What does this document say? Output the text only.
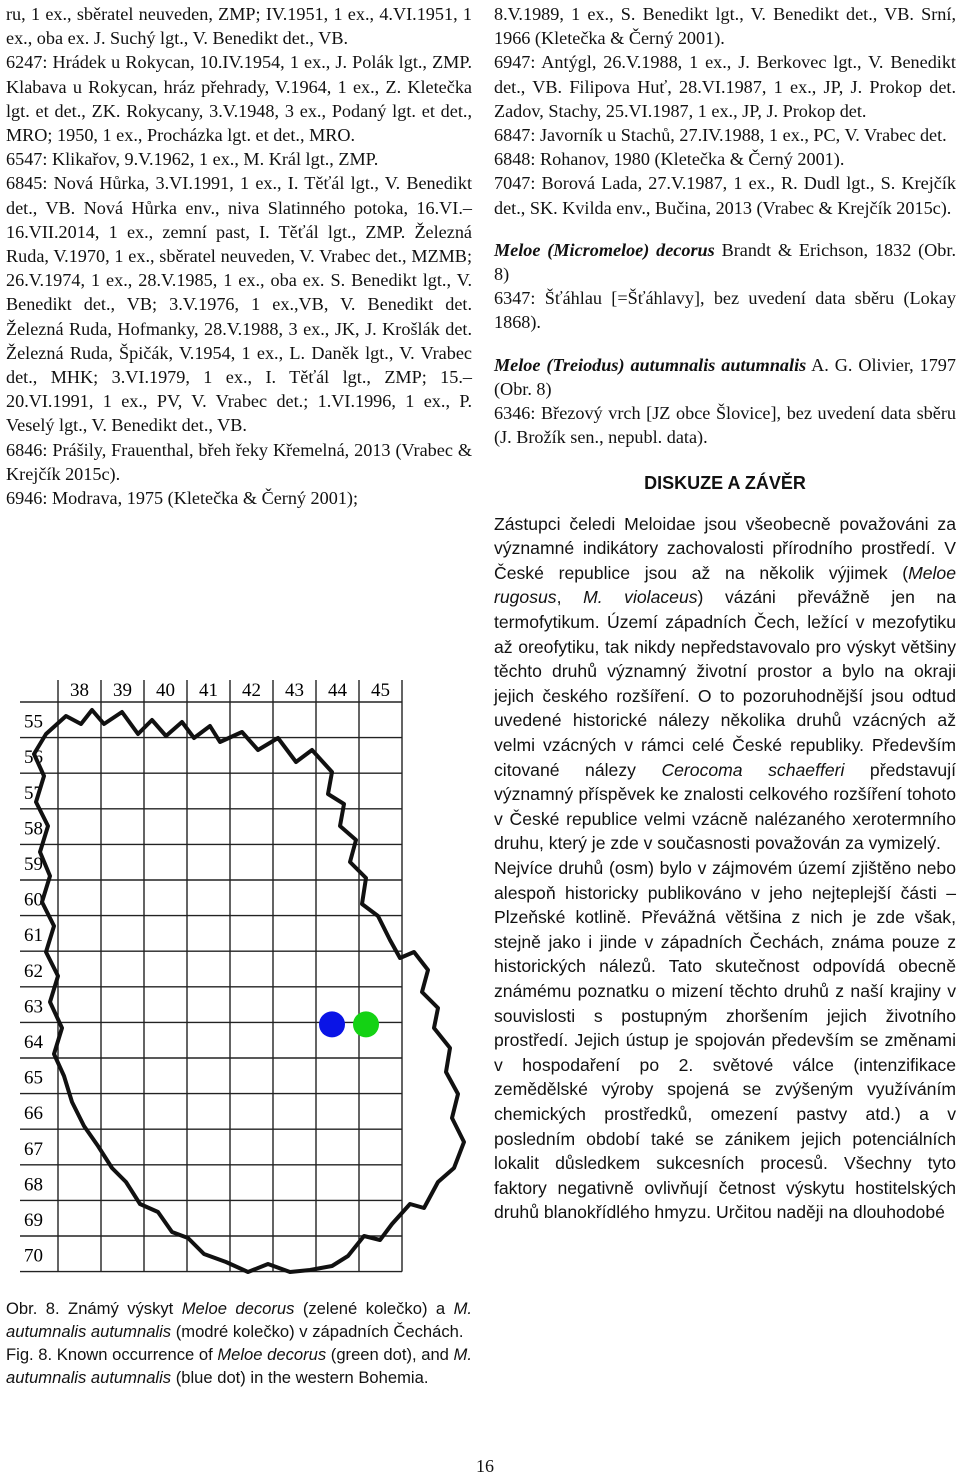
ru, 1 ex., sběratel neuveden, ZMP; IV.1951, 1 ex., 4.VI.1951, 1 ex., oba ex. J. Suchý lgt., V. Benedikt det., VB.
6247: Hrádek u Rokycan, 10.IV.1954, 1 ex., J. Polák lgt., ZMP. Klabava u Rokycan, hráz přehrady, V.1964, 1 ex., Z. Kletečka lgt. et det., ZK. Rokycany, 3.V.1948, 3 ex., Podaný lgt. et det., MRO; 1950, 1 ex., Procházka lgt. et det., MRO.
6547: Klikařov, 9.V.1962, 1 ex., M. Král lgt., ZMP.
6845: Nová Hůrka, 3.VI.1991, 1 ex., I. Těťál lgt., V. Benedikt det., VB. Nová Hůrka env., niva Slatinného potoka, 16.VI.–16.VII.2014, 1 ex., zemní past, I. Těťál lgt., ZMP. Železná Ruda, V.1970, 1 ex., sběratel neuveden, V. Vrabec det., MZMB; 26.V.1974, 1 ex., 28.V.1985, 1 ex., oba ex. S. Benedikt lgt., V. Benedikt det., VB; 3.V.1976, 1 ex.,VB, V. Benedikt det. Železná Ruda, Hofmanky, 28.V.1988, 3 ex., JK, J. Krošlák det. Železná Ruda, Špičák, V.1954, 1 ex., L. Daněk lgt., V. Vrabec det., MHK; 3.VI.1979, 1 ex., I. Těťál lgt., ZMP; 15.–20.VI.1991, 1 ex., PV, V. Vrabec det.; 1.VI.1996, 1 ex., P. Veselý lgt., V. Benedikt det., VB.
6846: Prášily, Frauenthal, břeh řeky Křemelná, 2013 (Vrabec & Krejčík 2015c).
6946: Modrava, 1975 (Kletečka & Černý 2001);
38 39 40 41 42 43 44 45
55
56
57
58
59
60
61
62
63
64
65
66
67
68
69
70
Obr. 8. Známý výskyt Meloe decorus (zelené kolečko) a M. autumnalis autumnalis (modré kolečko) v západních Čechách.
Fig. 8. Known occurrence of Meloe decorus (green dot), and M. autumnalis autumnalis (blue dot) in the western Bohemia.
8.V.1989, 1 ex., S. Benedikt lgt., V. Benedikt det., VB. Srní, 1966 (Kletečka & Černý 2001).
6947: Antýgl, 26.V.1988, 1 ex., J. Berkovec lgt., V. Benedikt det., VB. Filipova Huť, 28.VI.1987, 1 ex., JP, J. Prokop det. Zadov, Stachy, 25.VI.1987, 1 ex., JP, J. Prokop det.
6847: Javorník u Stachů, 27.IV.1988, 1 ex., PC, V. Vrabec det.
6848: Rohanov, 1980 (Kletečka & Černý 2001).
7047: Borová Lada, 27.V.1987, 1 ex., R. Dudl lgt., S. Krejčík det., SK. Kvilda env., Bučina, 2013 (Vrabec & Krejčík 2015c).
Meloe (Micromeloe) decorus Brandt & Erichson, 1832 (Obr. 8)
6347: Šťáhlau [=Šťáhlavy], bez uvedení data sběru (Lokay 1868).
Meloe (Treiodus) autumnalis autumnalis A. G. Olivier, 1797 (Obr. 8)
6346: Březový vrch [JZ obce Šlovice], bez uvedení data sběru (J. Brožík sen., nepubl. data).
DISKUZE A ZÁVĚR
Zástupci čeledi Meloidae jsou všeobecně považováni za významné indikátory zachovalosti přírodního prostředí. V České republice jsou až na několik výjimek (Meloe rugosus, M. violaceus) vázáni převážně jen na termofytikum. Území západních Čech, ležící v mezofytiku až oreofytiku, tak nikdy nepředstavovalo pro výskyt většiny těchto druhů významný životní prostor a bylo na okraji jejich českého rozšíření. O to pozoruhodnější jsou odtud uvedené historické nálezy několika druhů vzácných až velmi vzácných v rámci celé České republiky. Především citované nálezy Cerocoma schaefferi představují významný příspěvek ke znalosti celkového rozšíření tohoto v České republice velmi vzácně nalézaného xerotermního druhu, který je zde v současnosti považován za vymizelý.
Nejvíce druhů (osm) bylo v zájmovém území zjištěno nebo alespoň historicky publikováno v jeho nejteplejší části – Plzeňské kotlině. Převážná většina z nich je zde však, stejně jako i jinde v západních Čechách, známa pouze z historických nálezů. Tato skutečnost odpovídá obecně známému poznatku o mizení těchto druhů z naší krajiny v souvislosti s postupným zhoršením jejich životního prostředí. Jejich ústup je spojován především se změnami v hospodaření po 2. světové válce (intenzifikace zemědělské výroby spojená se zvýšeným využíváním chemických prostředků, omezení pastvy atd.) a v posledním období také se zánikem jejich potenciálních lokalit důsledkem sukcesních procesů. Všechny tyto faktory negativně ovlivňují četnost výskytu hostitelských druhů blanokřídlého hmyzu. Určitou naději na dlouhodobé
16
